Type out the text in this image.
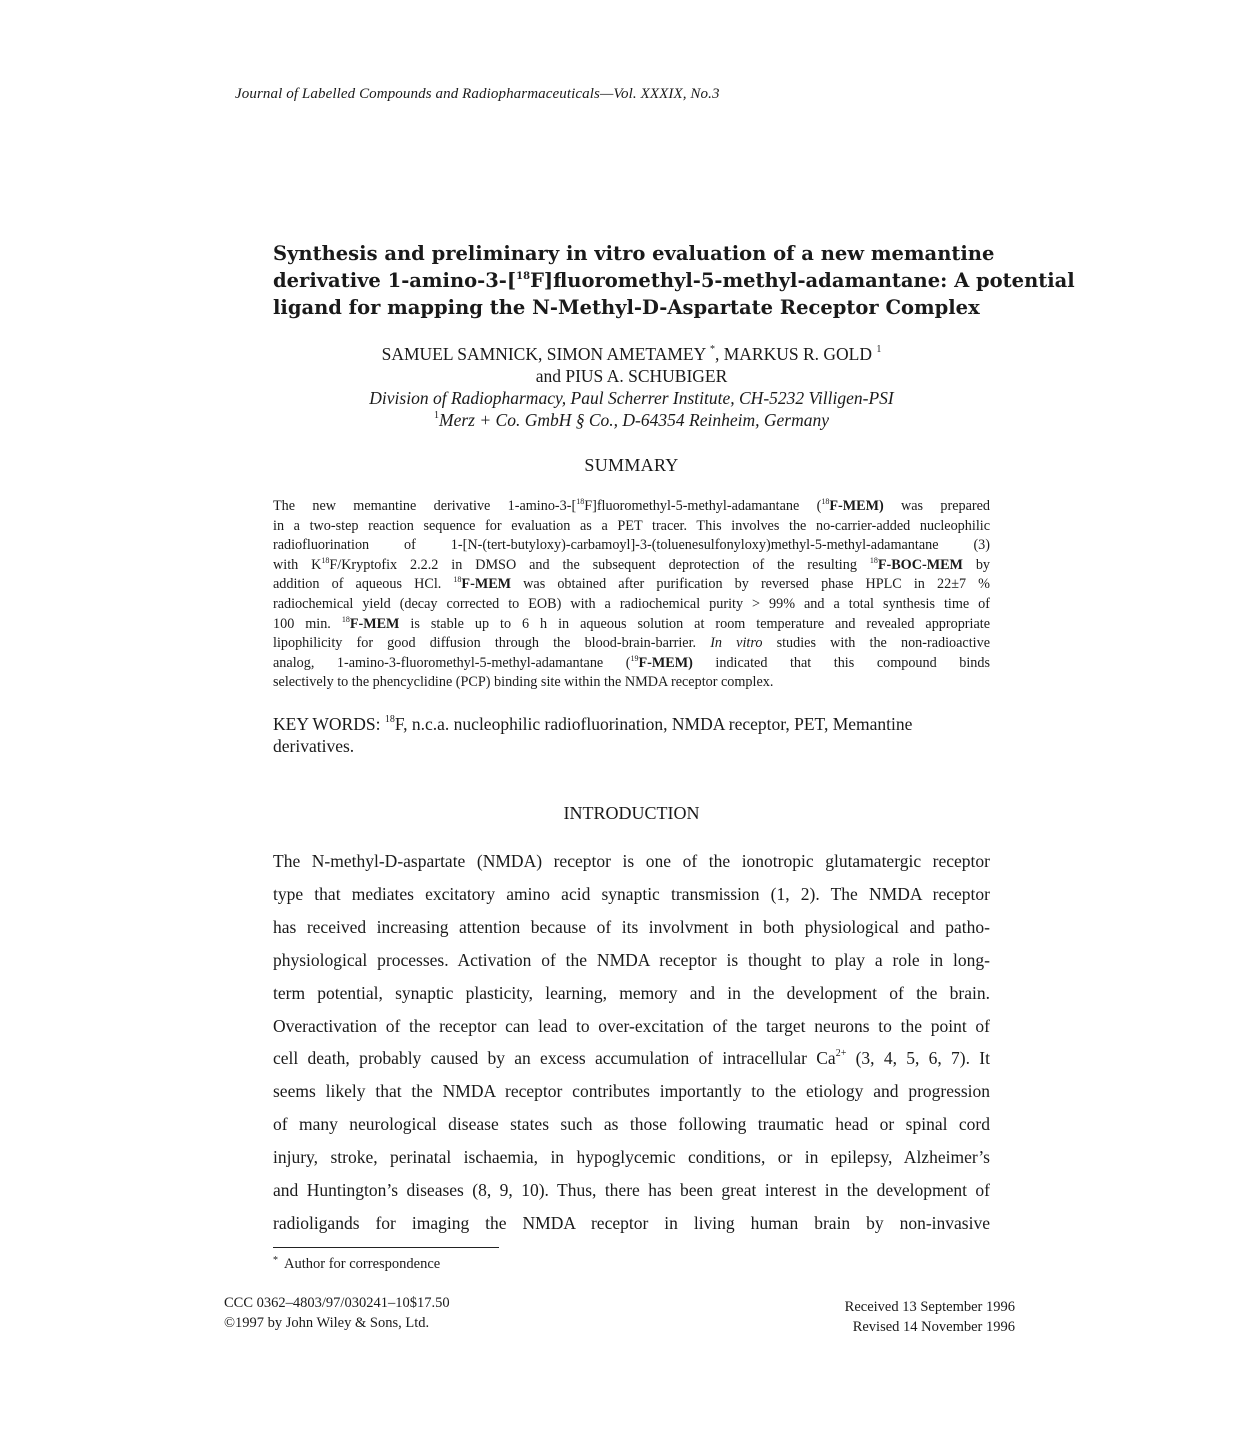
Journal of Labelled Compounds and Radiopharmaceuticals—Vol. XXXIX, No.3
Synthesis and preliminary in vitro evaluation of a new memantine
derivative 1-amino-3-[$^{18}$F]fluoromethyl-5-methyl-adamantane: A potential
ligand for mapping the N-Methyl-D-Aspartate Receptor Complex
SAMUEL SAMNICK, SIMON AMETAMEY *, MARKUS R. GOLD $^1$
and PIUS A. SCHUBIGER
Division of Radiopharmacy, Paul Scherrer Institute, CH-5232 Villigen-PSI
$^1$Merz + Co. GmbH § Co., D-64354 Reinheim, Germany
SUMMARY
The new memantine derivative 1-amino-3-[$^{18}$F]fluoromethyl-5-methyl-adamantane ($^{18}$F-MEM) was prepared
in a two-step reaction sequence for evaluation as a PET tracer. This involves the no-carrier-added nucleophilic
radiofluorination of 1-[N-(tert-butyloxy)-carbamoyl]-3-(toluenesulfonyloxy)methyl-5-methyl-adamantane (3)
with $K^{18}F$/Kryptofix 2.2.2 in DMSO and the subsequent deprotection of the resulting $^{18}$F-BOC-MEM by
addition of aqueous HCl. $^{18}$F-MEM was obtained after purification by reversed phase HPLC in 22±7 %
radiochemical yield (decay corrected to EOB) with a radiochemical purity > 99% and a total synthesis time of
100 min. $^{18}$F-MEM is stable up to 6 h in aqueous solution at room temperature and revealed appropriate
lipophilicity for good diffusion through the blood-brain-barrier. In vitro studies with the non-radioactive
analog, 1-amino-3-fluoromethyl-5-methyl-adamantane ($^{19}$F-MEM) indicated that this compound binds
selectively to the phencyclidine (PCP) binding site within the NMDA receptor complex.
KEY WORDS: $^{18}$F, n.c.a. nucleophilic radiofluorination, NMDA receptor, PET, Memantine
derivatives.
INTRODUCTION
The N-methyl-D-aspartate (NMDA) receptor is one of the ionotropic glutamatergic receptor
type that mediates excitatory amino acid synaptic transmission (1, 2). The NMDA receptor
has received increasing attention because of its involvment in both physiological and patho-
physiological processes. Activation of the NMDA receptor is thought to play a role in long-
term potential, synaptic plasticity, learning, memory and in the development of the brain.
Overactivation of the receptor can lead to over-excitation of the target neurons to the point of
cell death, probably caused by an excess accumulation of intracellular $Ca^{2+}$ (3, 4, 5, 6, 7). It
seems likely that the NMDA receptor contributes importantly to the etiology and progression
of many neurological disease states such as those following traumatic head or spinal cord
injury, stroke, perinatal ischaemia, in hypoglycemic conditions, or in epilepsy, Alzheimer’s
and Huntington’s diseases (8, 9, 10). Thus, there has been great interest in the development of
radioligands for imaging the NMDA receptor in living human brain by non-invasive
* Author for correspondence
CCC 0362–4803/97/030241–10$17.50
©1997 by John Wiley & Sons, Ltd.
Received 13 September 1996
Revised 14 November 1996
